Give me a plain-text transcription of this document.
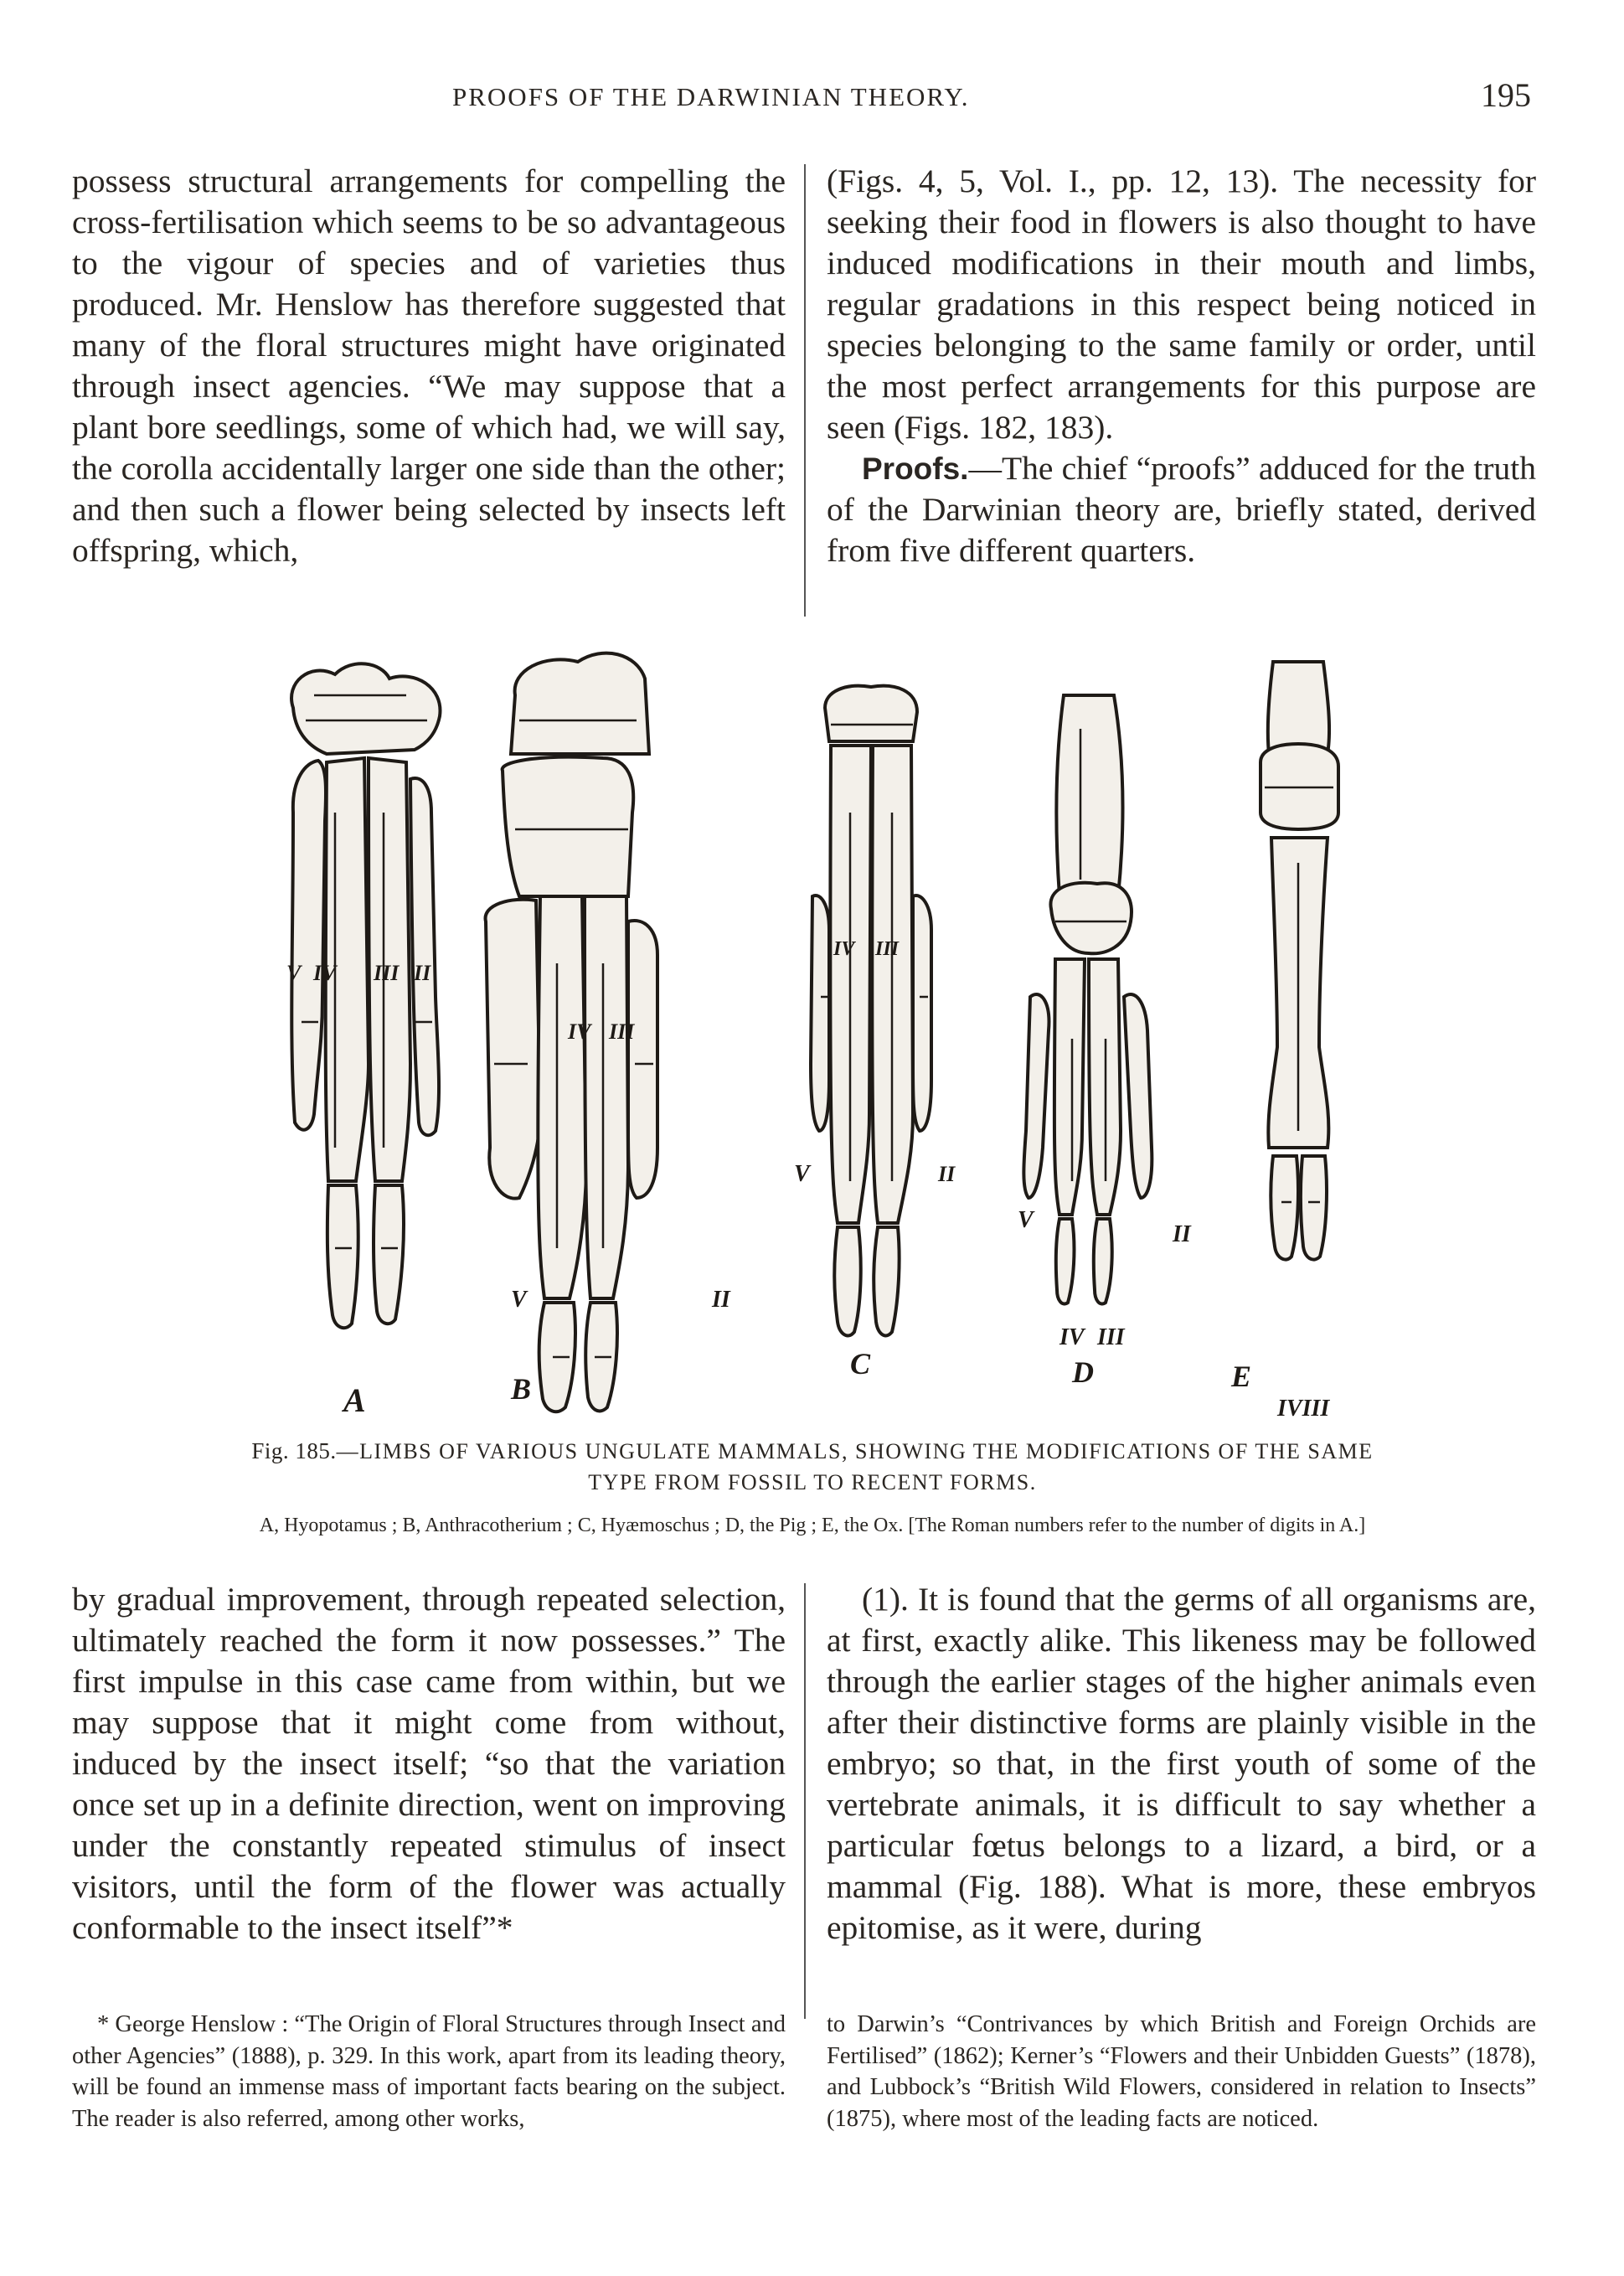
PROOFS OF THE DARWINIAN THEORY.	195

possess structural arrangements for compelling the cross-fertilisation which seems to be so advantageous to the vigour of species and of varieties thus produced. Mr. Henslow has therefore suggested that many of the floral structures might have originated through insect agencies. “We may suppose that a plant bore seedlings, some of which had, we will say, the corolla accidentally larger one side than the other; and then such a flower being selected by insects left offspring, which,

(Figs. 4, 5, Vol. I., pp. 12, 13). The necessity for seeking their food in flowers is also thought to have induced modifications in their mouth and limbs, regular gradations in this respect being noticed in species belonging to the same family or order, until the most perfect arrangements for this purpose are seen (Figs. 182, 183).

Proofs.—The chief “proofs” adduced for the truth of the Darwinian theory are, briefly stated, derived from five different quarters.

A	B
C	D	E
V IV III II
IV III
V	II
IV III
V	II
V
II
IV III
IVIII
Fig. 185.—LIMBS OF VARIOUS UNGULATE MAMMALS, SHOWING THE MODIFICATIONS OF THE SAME
TYPE FROM FOSSIL TO RECENT FORMS.
A, Hyopotamus ; B, Anthracotherium ; C, Hyæmoschus ; D, the Pig ; E, the Ox. [The Roman numbers refer to the number of digits in A.]

by gradual improvement, through repeated selection, ultimately reached the form it now possesses.” The first impulse in this case came from within, but we may suppose that it might come from without, induced by the insect itself; “so that the variation once set up in a definite direction, went on improving under the constantly repeated stimulus of insect visitors, until the form of the flower was actually conformable to the insect itself”*

(1). It is found that the germs of all organisms are, at first, exactly alike. This likeness may be followed through the earlier stages of the higher animals even after their distinctive forms are plainly visible in the embryo; so that, in the first youth of some of the vertebrate animals, it is difficult to say whether a particular fœtus belongs to a lizard, a bird, or a mammal (Fig. 188). What is more, these embryos epitomise, as it were, during

* George Henslow : “The Origin of Floral Structures through Insect and other Agencies” (1888), p. 329. In this work, apart from its leading theory, will be found an immense mass of important facts bearing on the subject. The reader is also referred, among other works,

to Darwin’s “Contrivances by which British and Foreign Orchids are Fertilised” (1862); Kerner’s “Flowers and their Unbidden Guests” (1878), and Lubbock’s “British Wild Flowers, considered in relation to Insects” (1875), where most of the leading facts are noticed.
